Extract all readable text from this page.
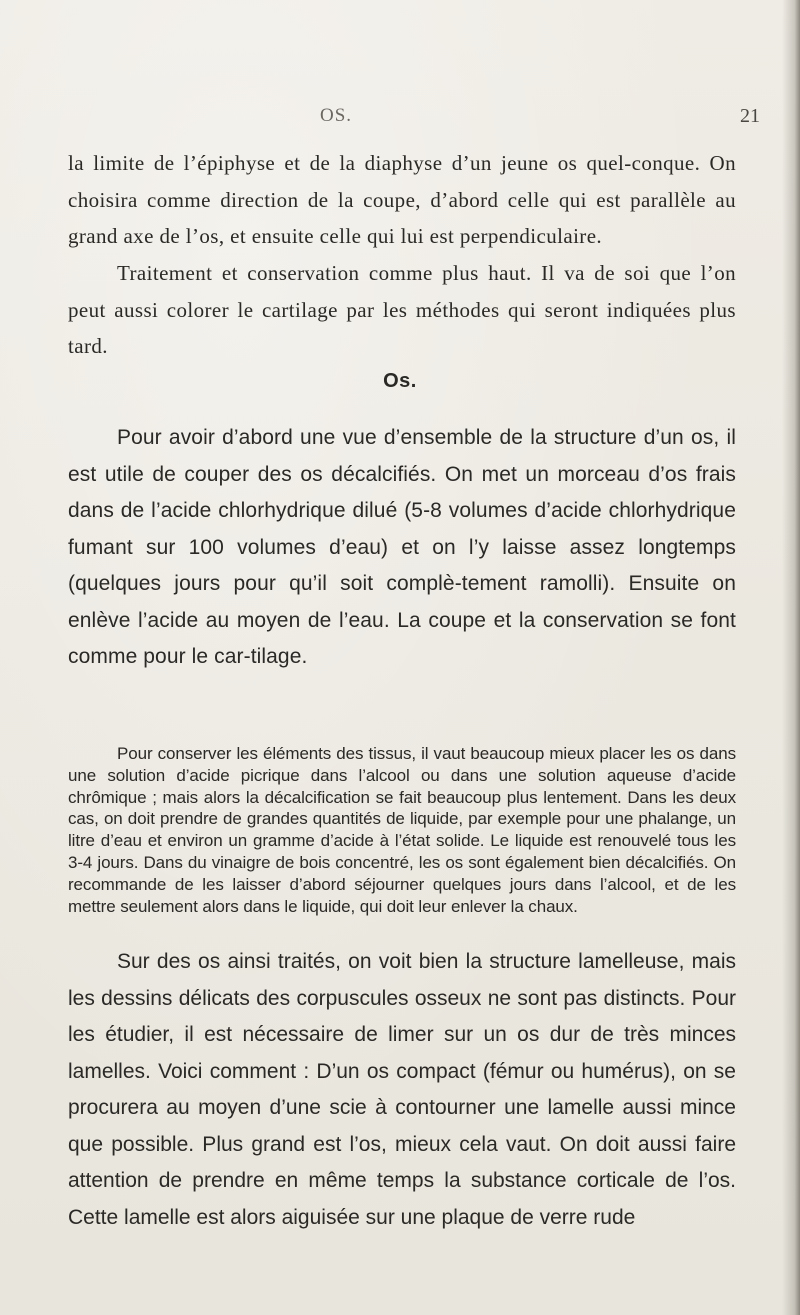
OS.	21

la limite de l’épiphyse et de la diaphyse d’un jeune os quel-conque. On choisira comme direction de la coupe, d’abord celle qui est parallèle au grand axe de l’os, et ensuite celle qui lui est perpendiculaire.

Traitement et conservation comme plus haut. Il va de soi que l’on peut aussi colorer le cartilage par les méthodes qui seront indiquées plus tard.

Os.

Pour avoir d’abord une vue d’ensemble de la structure d’un os, il est utile de couper des os décalcifiés. On met un morceau d’os frais dans de l’acide chlorhydrique dilué (5-8 volumes d’acide chlorhydrique fumant sur 100 volumes d’eau) et on l’y laisse assez longtemps (quelques jours pour qu’il soit complè-tement ramolli). Ensuite on enlève l’acide au moyen de l’eau. La coupe et la conservation se font comme pour le car-tilage.

Pour conserver les éléments des tissus, il vaut beaucoup mieux placer les os dans une solution d’acide picrique dans l’alcool ou dans une solution aqueuse d’acide chrômique ; mais alors la décalcification se fait beaucoup plus lentement. Dans les deux cas, on doit prendre de grandes quantités de liquide, par exemple pour une phalange, un litre d’eau et environ un gramme d’acide à l’état solide. Le liquide est renouvelé tous les 3-4 jours. Dans du vinaigre de bois concentré, les os sont également bien décalcifiés. On recommande de les laisser d’abord séjourner quelques jours dans l’alcool, et de les mettre seulement alors dans le liquide, qui doit leur enlever la chaux.

Sur des os ainsi traités, on voit bien la structure lamelleuse, mais les dessins délicats des corpuscules osseux ne sont pas distincts. Pour les étudier, il est nécessaire de limer sur un os dur de très minces lamelles. Voici comment : D’un os compact (fémur ou humérus), on se procurera au moyen d’une scie à contourner une lamelle aussi mince que possible. Plus grand est l’os, mieux cela vaut. On doit aussi faire attention de prendre en même temps la substance corticale de l’os. Cette lamelle est alors aiguisée sur une plaque de verre rude
